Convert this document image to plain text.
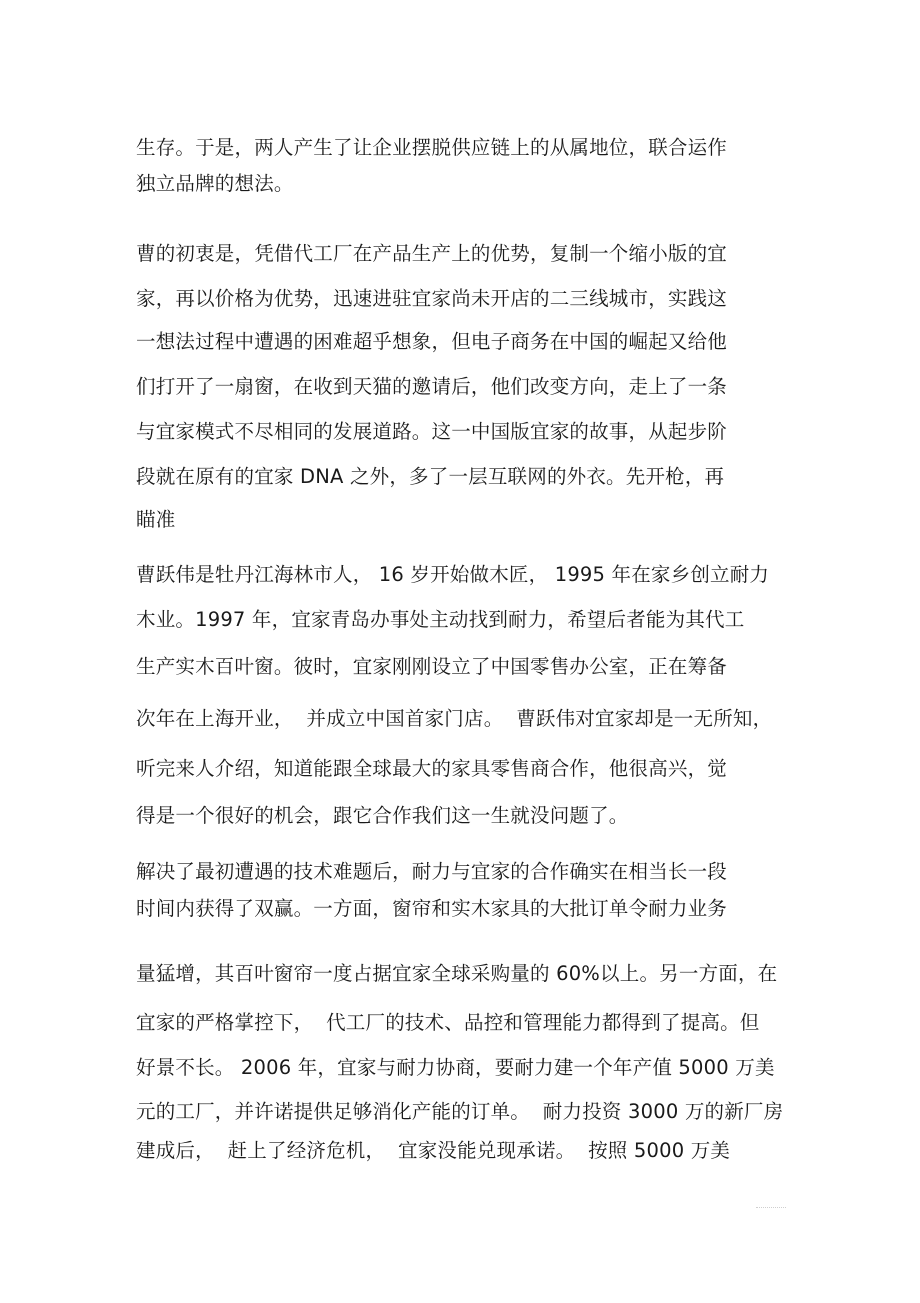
生存。于是，两人产生了让企业摆脱供应链上的从属地位，联合运作
独立品牌的想法。
曹的初衷是，凭借代工厂在产品生产上的优势，复制一个缩小版的宜
家，再以价格为优势，迅速进驻宜家尚未开店的二三线城市，实践这
一想法过程中遭遇的困难超乎想象，但电子商务在中国的崛起又给他
们打开了一扇窗，在收到天猫的邀请后，他们改变方向，走上了一条
与宜家模式不尽相同的发展道路。这一中国版宜家的故事，从起步阶
段就在原有的宜家 DNA 之外，多了一层互联网的外衣。先开枪，再
瞄准
曹跃伟是牡丹江海林市人， 16 岁开始做木匠， 1995 年在家乡创立耐力
木业。1997 年，宜家青岛办事处主动找到耐力，希望后者能为其代工
生产实木百叶窗。彼时，宜家刚刚设立了中国零售办公室，正在筹备
次年在上海开业，  并成立中国首家门店。  曹跃伟对宜家却是一无所知，
听完来人介绍，知道能跟全球最大的家具零售商合作，他很高兴，觉
得是一个很好的机会，跟它合作我们这一生就没问题了。
解决了最初遭遇的技术难题后，耐力与宜家的合作确实在相当长一段
时间内获得了双赢。一方面，窗帘和实木家具的大批订单令耐力业务
量猛增，其百叶窗帘一度占据宜家全球采购量的 60%以上。另一方面，在
宜家的严格掌控下，  代工厂的技术、品控和管理能力都得到了提高。但
好景不长。 2006 年，宜家与耐力协商，要耐力建一个年产值 5000 万美
元的工厂，并许诺提供足够消化产能的订单。  耐力投资 3000 万的新厂房
建成后，  赶上了经济危机，  宜家没能兑现承诺。  按照 5000 万美
